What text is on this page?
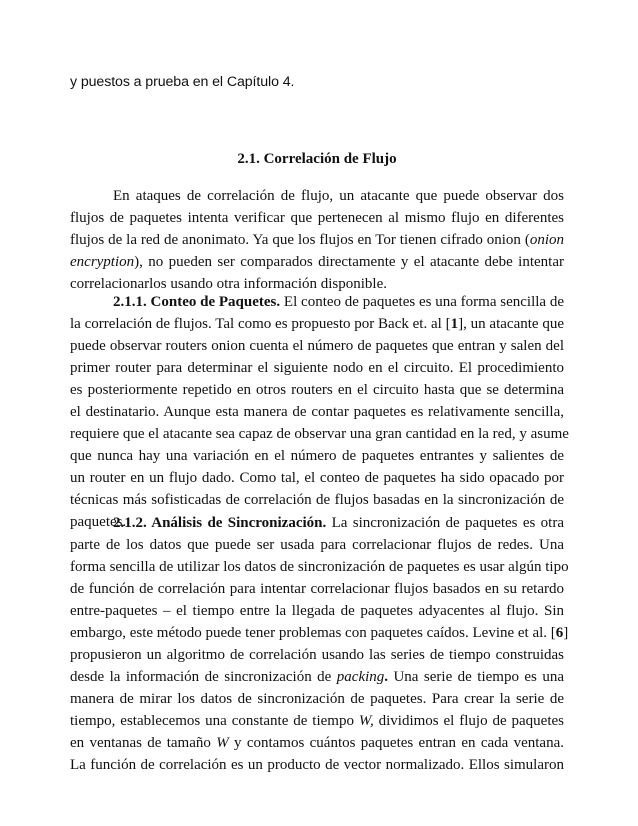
y puestos a prueba en el Capítulo 4.
2.1. Correlación de Flujo
En ataques de correlación de flujo, un atacante que puede observar dos
flujos de paquetes intenta verificar que pertenecen al mismo flujo en diferentes
flujos de la red de anonimato. Ya que los flujos en Tor tienen cifrado onion (onion
encryption), no pueden ser comparados directamente y el atacante debe intentar
correlacionarlos usando otra información disponible.
2.1.1. Conteo de Paquetes. El conteo de paquetes es una forma sencilla de
la correlación de flujos. Tal como es propuesto por Back et. al [1], un atacante que
puede observar routers onion cuenta el número de paquetes que entran y salen del
primer router para determinar el siguiente nodo en el circuito. El procedimiento
es posteriormente repetido en otros routers en el circuito hasta que se determina
el destinatario. Aunque esta manera de contar paquetes es relativamente sencilla,
requiere que el atacante sea capaz de observar una gran cantidad en la red, y asume
que nunca hay una variación en el número de paquetes entrantes y salientes de
un router en un flujo dado. Como tal, el conteo de paquetes ha sido opacado por
técnicas más sofisticadas de correlación de flujos basadas en la sincronización de
paquetes.
2.1.2. Análisis de Sincronización. La sincronización de paquetes es otra
parte de los datos que puede ser usada para correlacionar flujos de redes. Una
forma sencilla de utilizar los datos de sincronización de paquetes es usar algún tipo
de función de correlación para intentar correlacionar flujos basados en su retardo
entre-paquetes – el tiempo entre la llegada de paquetes adyacentes al flujo. Sin
embargo, este método puede tener problemas con paquetes caídos. Levine et al. [6]
propusieron un algoritmo de correlación usando las series de tiempo construidas
desde la información de sincronización de packing. Una serie de tiempo es una
manera de mirar los datos de sincronización de paquetes. Para crear la serie de
tiempo, establecemos una constante de tiempo W, dividimos el flujo de paquetes
en ventanas de tamaño W y contamos cuántos paquetes entran en cada ventana.
La función de correlación es un producto de vector normalizado. Ellos simularon
